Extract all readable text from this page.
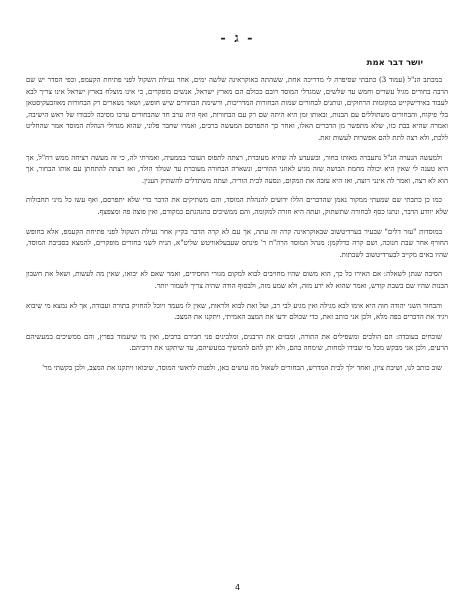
- ג -
יושר דבר אמת

במכתב הנ"ל (עמוד 3) כתבתי שסיפרה לי מדריכה אחת, ששהתה באוקראינה שלשה ימים, אחר נעילת השקול לפני פתיחת הקעמפ, וכפי הסדר יש שם הרבה בחורים מגיל עשרים וחמש עד שלשים, שמגדלי המוסד רובם ככולם הם מארץ ישראל, אנשים מופקרים, כי אינו מוצלח בארץ ישראל אינו צריך לבא לעבוד באידישקייט במקומות הרחוקים, ונותנים לבחורים שמות הבחורות המדריכות, ורשימת הבחורים שיש חופש, ושאר נשארים רק הבחורות מאוזבעקיסטאן בלי פיקוח, והבחורים משתוללים עם הבנות, ובאותו זמן היא היתה שם רק עם הבחורות, ואף היה ערב חד שהבחורים ערכו מסיבה לכבודו של ראש הישיבה, ואמרה שהיא בבת כזו, שלא מתפשר מן הדברים האלו, ואחר כך התפרסם המעשה ברבים, ואמרו שחבר פלוני, שהוא מגדולי הנהלת המוסד אמר שהחליט ללכת, ולא רצה לתת להם אפשרות לעשות זאת.

ולמעשה הנערה הנ"ל נתעברה מאותו בחור, ובשעדע לה שהיא מעוברת, רצתה לתפוס העובר בממעיה, ואמרתי לה, כי זה מעשה רציחה ממש רח"ל, אך היא טענה לי שאין היא יכולה מחמת הבושה שזה מגיע לאוזני ההורים, ונשארה הבחורה מעוברת עד שנולד הולד, ואז רצתה להתחתן עם אותו הבחור, אך הוא לא רצה, ואמר לה אינני רוצה, ואז היא עזבה את המקום, ונסעה לבית הוריה, ועתה משתדלים להשתיק הענין.

כמו כן כתבתי שם שמעתי ממקור נאמן שהדברים הללו ידועים להנהלת המוסד, והם משתיקים את הדבר כדי שלא יתפרסם, ואף עשו כל מיני תחבולות שלא יוודע הדבר, ונתנו כסף לבחורה שתשתוק, ועתה היא חזרה למקומה, והם ממשיכים בהנהגתם כמקודם, ואין פוצה פה ומצפצף.

במוסדות "עזר דלים" שבעיר בערדיטשוב שבאוקראינה קרה זה עתה, אך עם לא קרה הדבר בקיץ אחר נעילת השקול לפני פתיחת הקעמפ, אלא בחופש החורף אחר שבת חנוכה, ושם קרה כדלקמן: מנהל המוסד הרה"ח ר' פינחס שעבעלאוויטש שליט"א, הניח לשני בחורים מופקרים, להמצא בסביבת המוסד, שהיו באים מקייב לבערדיטשוב לשבתות.

הסיבה שנתן לשאלה: אם האירו כל כך, הוא משום שהיו מחויבים לבוא למקום מגורי החסידים, ואמר שאם לא יבואו, שאין מה לעשות, ושאל את חשבון הבנות שהיו שם בשבת קודש, ואמר שהוא לא ידע מזה, ולא שמע מזה, ולבסוף הודה שהיה צריך לשמור יותר.

והבחור השני יהודה חוה היא אימו לבא מגילה ואין מגיע לבי רב, ועל זאת לבוא ולראות, שאין לו מעמד ויוכל להחזיק בתורה ועבודה, אך לא נמצא מי שיבוא ויגיד את הדברים בפה מלא, ולכן אני כותב זאת, כדי שכולם ידעו את המצב האמיתי, ויתקנו את המצב.

שוכחים בעובדה: הם הולכים ומשפילים את התורה, ומבזים את הרבנים, ומלבינים פני חבירם ברבים, ואין מי שיעמוד בפרץ, והם ממשיכים במעשיהם הרעים, ולכן אני מבקש מכל מי שבידו למחות, שימחה בהם, ולא יתן להם להמשיך במעשיהם, עד שיתקנו את דרכיהם.

שוב כותב לנו, ושיבת ציון, ואחד ילך לבית המדרש, הבחורים לשאול מה עושים כאן, ולפנות לראשי המוסד, שיבואו ויתקנו את המצב, ולכן בקשתי מר'

4
